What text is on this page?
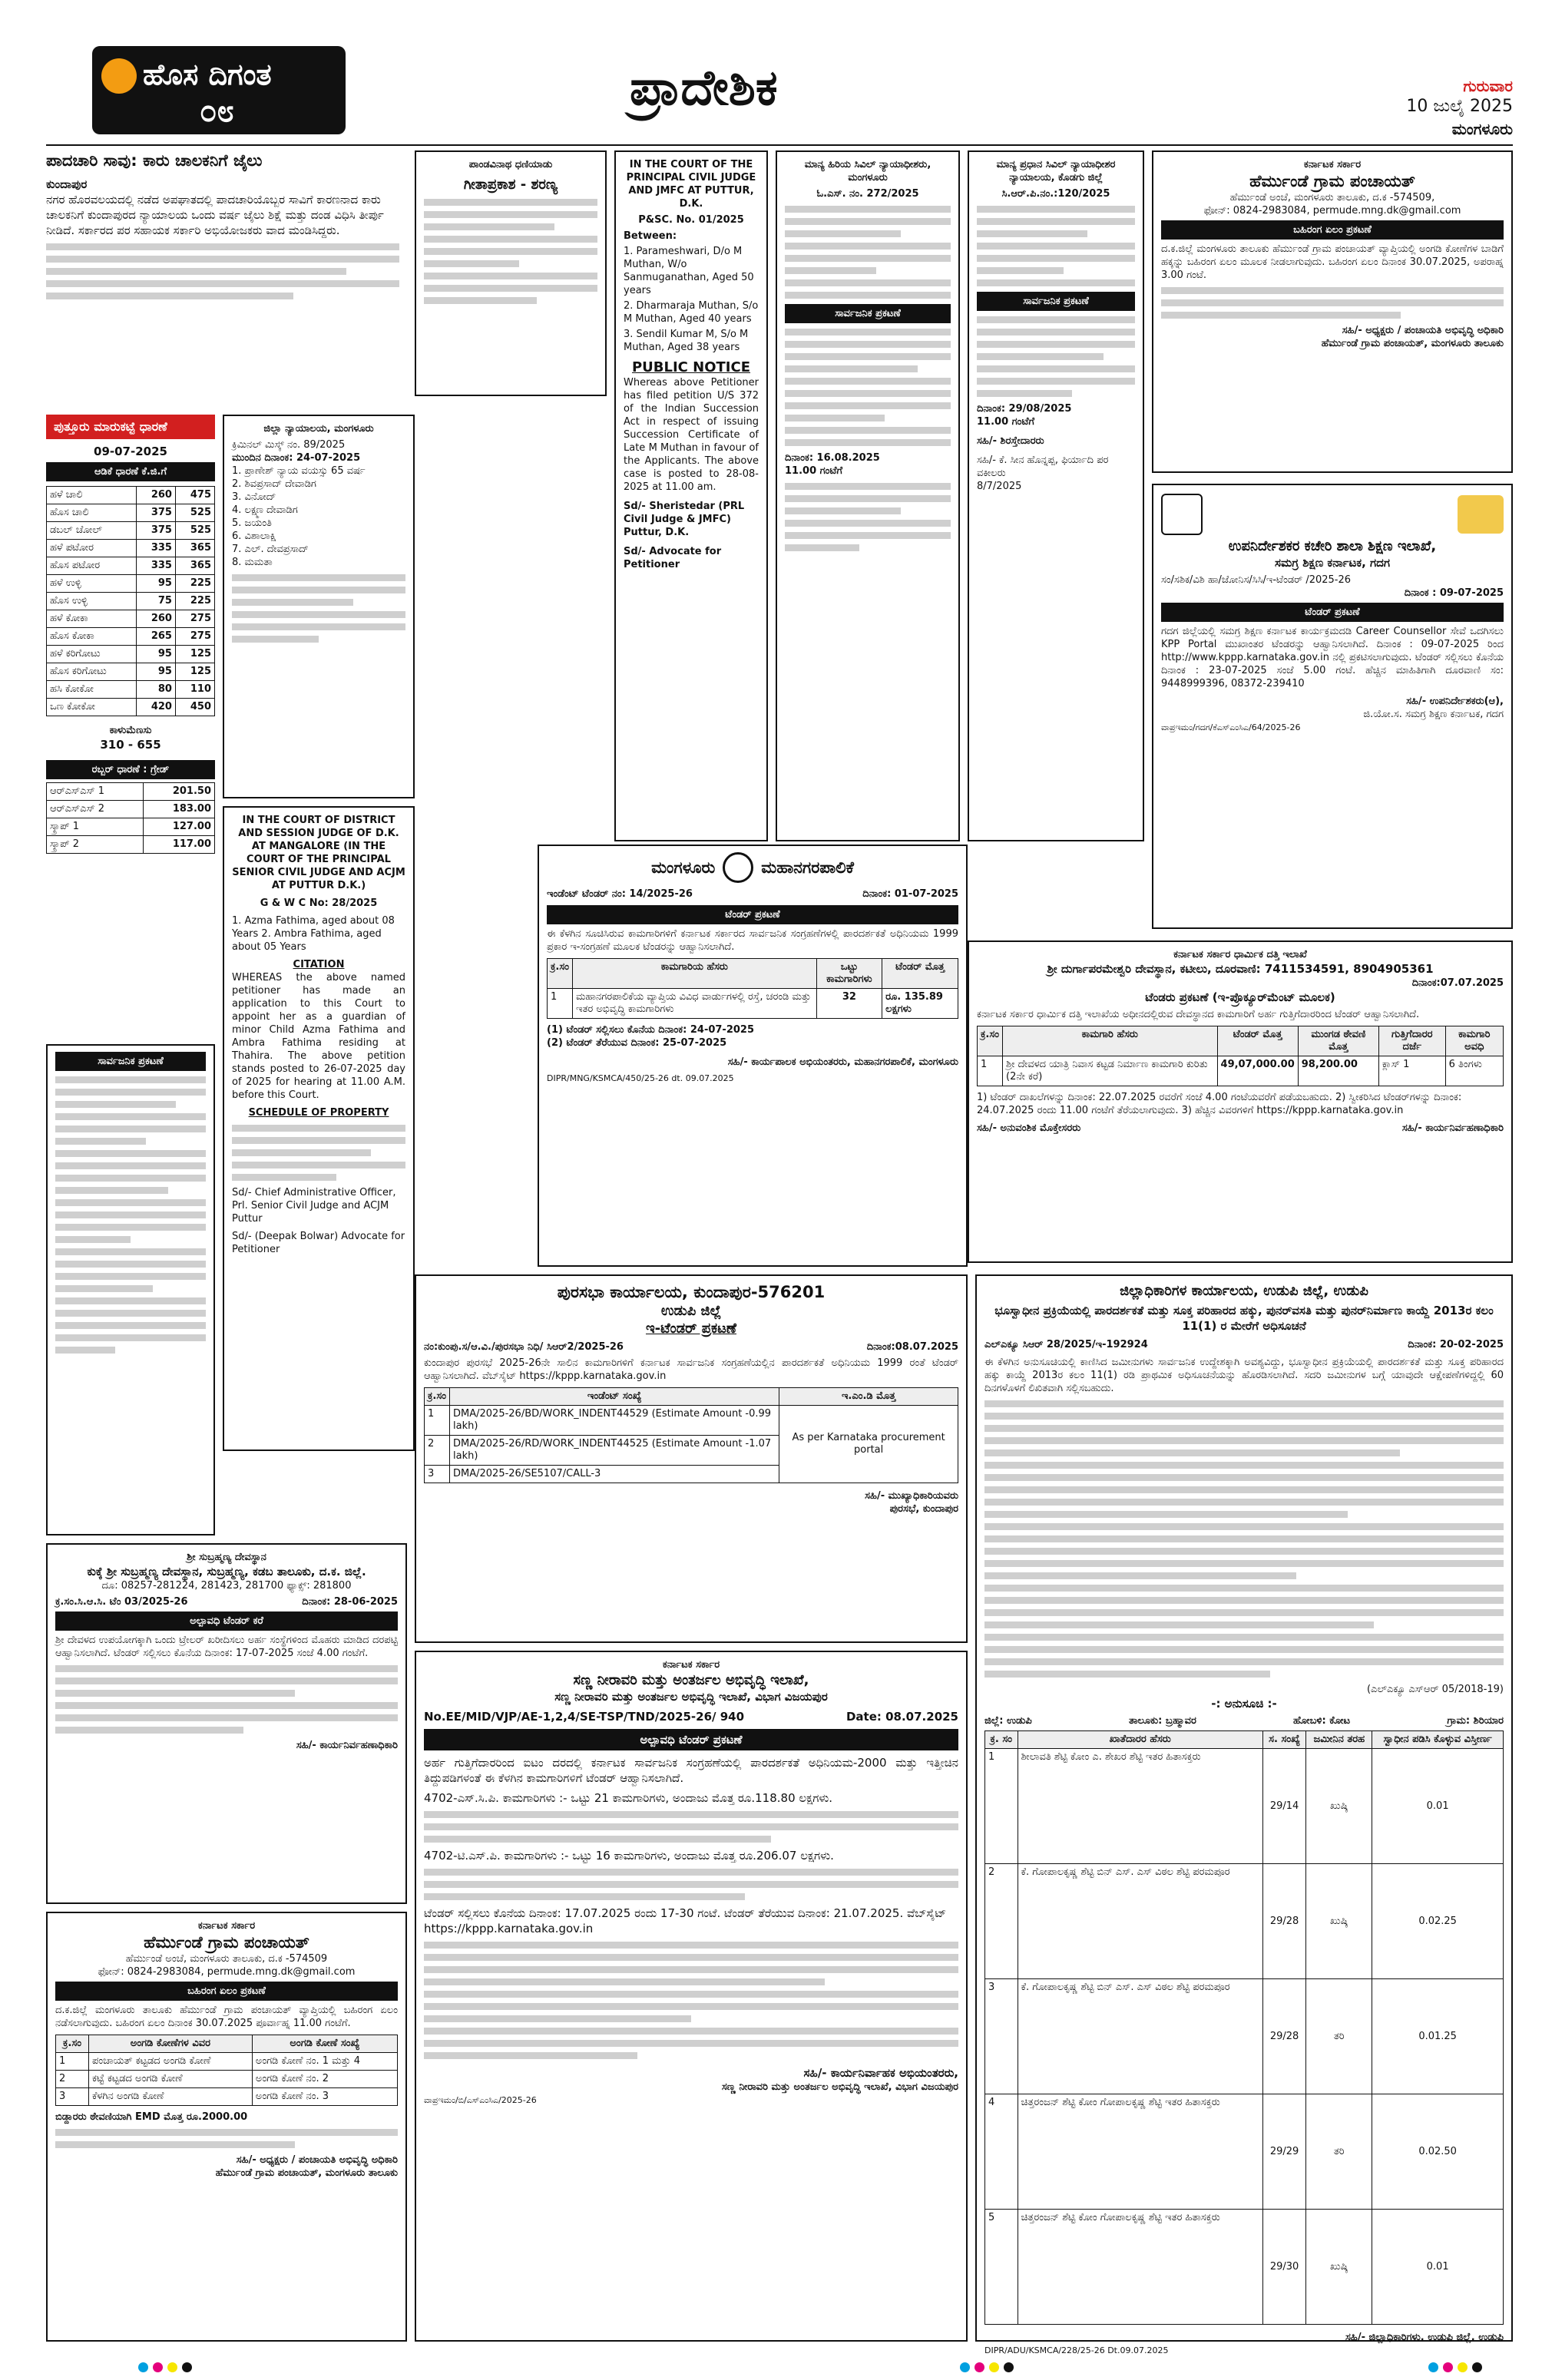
ಹೊಸ ದಿಗಂತ
೦೮	ಪ್ರಾದೇಶಿಕ	ಗುರುವಾರ
10 ಜುಲೈ 2025
ಮಂಗಳೂರು

ಪಾದಚಾರಿ ಸಾವು: ಕಾರು ಚಾಲಕನಿಗೆ ಜೈಲು

ಕುಂದಾಪುರ

ನಗರ ಹೊರವಲಯದಲ್ಲಿ ನಡೆದ ಅಪಘಾತದಲ್ಲಿ ಪಾದಚಾರಿಯೊಬ್ಬರ ಸಾವಿಗೆ ಕಾರಣನಾದ ಕಾರು ಚಾಲಕನಿಗೆ ಕುಂದಾಪುರದ ನ್ಯಾಯಾಲಯ ಒಂದು ವರ್ಷ ಜೈಲು ಶಿಕ್ಷೆ ಮತ್ತು ದಂಡ ವಿಧಿಸಿ ತೀರ್ಪು ನೀಡಿದೆ. ಸರ್ಕಾರದ ಪರ ಸಹಾಯಕ ಸರ್ಕಾರಿ ಅಭಿಯೋಜಕರು ವಾದ ಮಂಡಿಸಿದ್ದರು.

ಪುತ್ತೂರು ಮಾರುಕಟ್ಟೆ ಧಾರಣೆ
09-07-2025
ಆಡಿಕೆ ಧಾರಣೆ ಕೆ.ಜಿ.ಗೆ
ಹಳೆ ಚಾಲಿ	260	475
ಹೊಸ ಚಾಲಿ	375	525
ಡಬಲ್ ಚೋಲ್	375	525
ಹಳೆ ಪಟೋರ	335	365
ಹೊಸ ಪಟೋರ	335	365
ಹಳೆ ಉಳ್ಳಿ	95	225
ಹೊಸ ಉಳ್ಳಿ	75	225
ಹಳೆ ಕೋಕಾ	260	275
ಹೊಸ ಕೋಕಾ	265	275
ಹಳೆ ಕರಿಗೋಟು	95	125
ಹೊಸ ಕರಿಗೋಟು	95	125
ಹಸಿ ಕೋಕೋ	80	110
ಒಣ ಕೋಕೋ	420	450
ಕಾಳುಮೆಣಸು
310 - 655
ರಬ್ಬರ್ ಧಾರಣೆ : ಗ್ರೇಡ್
ಆರ್‌ಎಸ್‌ಎಸ್ 1	201.50
ಆರ್‌ಎಸ್‌ಎಸ್ 2	183.00
ಸ್ಕ್ರಾಪ್ 1	127.00
ಸ್ಕ್ರಾಪ್ 2	117.00
ಸಾರ್ವಜನಿಕ ಪ್ರಕಟಣೆ

ಜಿಲ್ಲಾ ನ್ಯಾಯಾಲಯ, ಮಂಗಳೂರು

ಕ್ರಿಮಿನಲ್ ಮಿಸ್ಕ್ ನಂ. 89/2025

ಮುಂದಿನ ದಿನಾಂಕ: 24-07-2025

1. ಪ್ರಾಣೇಶ್ ನ್ಯಾಯ ವಯಸ್ಸು 65 ವರ್ಷ

2. ಶಿವಪ್ರಸಾದ್ ದೇವಾಡಿಗ

3. ವಿನೋದ್

4. ಲಕ್ಷ್ಮಣ ದೇವಾಡಿಗ

5. ಜಯಂತಿ

6. ವಿಶಾಲಾಕ್ಷಿ

7. ಎಲ್. ದೇವಪ್ರಸಾದ್

8. ಮಮತಾ

IN THE COURT OF DISTRICT AND SESSION JUDGE OF D.K. AT MANGALORE (IN THE COURT OF THE PRINCIPAL SENIOR CIVIL JUDGE AND ACJM AT PUTTUR D.K.)

G & W C No: 28/2025

1. Azma Fathima, aged about 08 Years 2. Ambra Fathima, aged about 05 Years

CITATION

WHEREAS the above named petitioner has made an application to this Court to appoint her as a guardian of minor Child Azma Fathima and Ambra Fathima residing at Thahira. The above petition stands posted to 26-07-2025 day of 2025 for hearing at 11.00 A.M. before this Court.

SCHEDULE OF PROPERTY

Sd/- Chief Administrative Officer, Prl. Senior Civil Judge and ACJM Puttur

Sd/- (Deepak Bolwar) Advocate for Petitioner

ಪಾಂಡವಿನಾಥ ಧಣಿಯಾಡು

ಗೀತಾಪ್ರಕಾಶ - ಶರಣ್ಯ

IN THE COURT OF THE PRINCIPAL CIVIL JUDGE AND JMFC AT PUTTUR, D.K.

P&SC. No. 01/2025

Between:

1. Parameshwari, D/o M Muthan, W/o Sanmuganathan, Aged 50 years

2. Dharmaraja Muthan, S/o M Muthan, Aged 40 years

3. Sendil Kumar M, S/o M Muthan, Aged 38 years

PUBLIC NOTICE

Whereas above Petitioner has filed petition U/S 372 of the Indian Succession Act in respect of issuing Succession Certificate of Late M Muthan in favour of the Applicants. The above case is posted to 28-08-2025 at 11.00 am.

Sd/- Sheristedar (PRL Civil Judge & JMFC) Puttur, D.K.

Sd/- Advocate for Petitioner

ಮಾನ್ಯ ಹಿರಿಯ ಸಿವಿಲ್ ನ್ಯಾಯಾಧೀಶರು, ಮಂಗಳೂರು

ಓ.ಎಸ್. ನಂ. 272/2025

ಸಾರ್ವಜನಿಕ ಪ್ರಕಟಣೆ

ದಿನಾಂಕ: 16.08.2025

11.00 ಗಂಟೆಗೆ

ಮಾನ್ಯ ಪ್ರಧಾನ ಸಿವಿಲ್ ನ್ಯಾಯಾಧೀಶರ ನ್ಯಾಯಾಲಯ, ಕೊಡಗು ಜಿಲ್ಲೆ

ಸಿ.ಆರ್.ಪಿ.ನಂ.:120/2025

ಸಾರ್ವಜನಿಕ ಪ್ರಕಟಣೆ

ದಿನಾಂಕ: 29/08/2025

11.00 ಗಂಟೆಗೆ

ಸಹಿ/- ಶಿರಸ್ತೇದಾರರು

ಸಹಿ/- ಕೆ. ಸೀನ ಹೊನ್ನಪ್ಪ, ಫಿರ್ಯಾದಿ ಪರ ವಕೀಲರು

8/7/2025

ಮಂಗಳೂರು	ಮಹಾನಗರಪಾಲಿಕೆ
ಇಂಡೆಂಟ್ ಟೆಂಡರ್ ನಂ: 14/2025-26	ದಿನಾಂಕ: 01-07-2025
ಟೆಂಡರ್ ಪ್ರಕಟಣೆ

ಈ ಕೆಳಗಿನ ಸೂಚಿಸಿರುವ ಕಾಮಗಾರಿಗಳಿಗೆ ಕರ್ನಾಟಕ ಸರ್ಕಾರದ ಸಾರ್ವಜನಿಕ ಸಂಗ್ರಹಣೆಗಳಲ್ಲಿ ಪಾರದರ್ಶಕತೆ ಅಧಿನಿಯಮ 1999 ಪ್ರಕಾರ ಇ-ಸಂಗ್ರಹಣೆ ಮೂಲಕ ಟೆಂಡರನ್ನು ಆಹ್ವಾನಿಸಲಾಗಿದೆ.

ಕ್ರ.ಸಂ	ಕಾಮಗಾರಿಯ ಹೆಸರು	ಒಟ್ಟು ಕಾಮಗಾರಿಗಳು	ಟೆಂಡರ್ ಮೊತ್ತ
1	ಮಹಾನಗರಪಾಲಿಕೆಯ ವ್ಯಾಪ್ತಿಯ ವಿವಿಧ ವಾರ್ಡುಗಳಲ್ಲಿ ರಸ್ತೆ, ಚರಂಡಿ ಮತ್ತು ಇತರ ಅಭಿವೃದ್ಧಿ ಕಾಮಗಾರಿಗಳು	32	ರೂ. 135.89 ಲಕ್ಷಗಳು

(1) ಟೆಂಡರ್ ಸಲ್ಲಿಸಲು ಕೊನೆಯ ದಿನಾಂಕ: 24-07-2025

(2) ಟೆಂಡರ್ ತೆರೆಯುವ ದಿನಾಂಕ: 25-07-2025

ಸಹಿ/- ಕಾರ್ಯಪಾಲಕ ಅಭಿಯಂತರರು, ಮಹಾನಗರಪಾಲಿಕೆ, ಮಂಗಳೂರು

DIPR/MNG/KSMCA/450/25-26 dt. 09.07.2025

ಪುರಸಭಾ ಕಾರ್ಯಾಲಯ, ಕುಂದಾಪುರ-576201

ಉಡುಪಿ ಜಿಲ್ಲೆ

ಇ-ಟೆಂಡರ್ ಪ್ರಕಟಣೆ

ನಂ:ಕುಂಪು.ಸ/ಆ.ವಿ./ಪುರಸಭಾ ನಿಧಿ/ ಸಿಆರ್2/2025-26	ದಿನಾಂಕ:08.07.2025

ಕುಂದಾಪುರ ಪುರಸಭೆ 2025-26ನೇ ಸಾಲಿನ ಕಾಮಗಾರಿಗಳಿಗೆ ಕರ್ನಾಟಕ ಸಾರ್ವಜನಿಕ ಸಂಗ್ರಹಣೆಯಲ್ಲಿನ ಪಾರದರ್ಶಕತೆ ಅಧಿನಿಯಮ 1999 ರಂತೆ ಟೆಂಡರ್ ಆಹ್ವಾನಿಸಲಾಗಿದೆ. ವೆಬ್‌ಸೈಟ್ https://kppp.karnataka.gov.in

ಕ್ರ.ಸಂ	ಇಂಡೆಂಟ್ ಸಂಖ್ಯೆ	ಇ.ಎಂ.ಡಿ ಮೊತ್ತ
1	DMA/2025-26/BD/WORK_INDENT44529 (Estimate Amount -0.99 lakh)	As per Karnataka procurement portal
2	DMA/2025-26/RD/WORK_INDENT44525 (Estimate Amount -1.07 lakh)	
3	DMA/2025-26/SE5107/CALL-3	

ಸಹಿ/- ಮುಖ್ಯಾಧಿಕಾರಿಯವರು

ಪುರಸಭೆ, ಕುಂದಾಪುರ

ಶ್ರೀ ಸುಬ್ರಹ್ಮಣ್ಯ ದೇವಸ್ಥಾನ

ಕುಕ್ಕೆ ಶ್ರೀ ಸುಬ್ರಹ್ಮಣ್ಯ ದೇವಸ್ಥಾನ, ಸುಬ್ರಹ್ಮಣ್ಯ, ಕಡಬ ತಾಲೂಕು, ದ.ಕ. ಜಿಲ್ಲೆ.

ದೂ: 08257-281224, 281423, 281700 ಫ್ಯಾಕ್ಸ್: 281800

ಕ್ರ.ಸಂ.ಸಿ.ಆ.ಸಿ. ಟೆಂ 03/2025-26	ದಿನಾಂಕ: 28-06-2025
ಅಲ್ಪಾವಧಿ ಟೆಂಡರ್ ಕರೆ

ಶ್ರೀ ದೇವಳದ ಉಪಯೋಗಕ್ಕಾಗಿ ಒಂದು ಟ್ರೇಲರ್ ಖರೀದಿಸಲು ಅರ್ಹ ಸಂಸ್ಥೆಗಳಿಂದ ಮೊಹರು ಮಾಡಿದ ದರಪಟ್ಟಿ ಆಹ್ವಾನಿಸಲಾಗಿದೆ. ಟೆಂಡರ್ ಸಲ್ಲಿಸಲು ಕೊನೆಯ ದಿನಾಂಕ: 17-07-2025 ಸಂಜೆ 4.00 ಗಂಟೆಗೆ.

ಸಹಿ/- ಕಾರ್ಯನಿರ್ವಹಣಾಧಿಕಾರಿ

ಕರ್ನಾಟಕ ಸರ್ಕಾರ

ಹೆರ್ಮುಂಡೆ ಗ್ರಾಮ ಪಂಚಾಯತ್

ಹೆರ್ಮುಂಡೆ ಅಂಚೆ, ಮಂಗಳೂರು ತಾಲೂಕು, ದ.ಕ -574509

ಫೋನ್: 0824-2983084, permude.mng.dk@gmail.com

ಬಹಿರಂಗ ಏಲಂ ಪ್ರಕಟಣೆ

ದ.ಕ.ಜಿಲ್ಲೆ ಮಂಗಳೂರು ತಾಲೂಕು ಹೆರ್ಮುಂಡೆ ಗ್ರಾಮ ಪಂಚಾಯತ್ ವ್ಯಾಪ್ತಿಯಲ್ಲಿ ಬಹಿರಂಗ ಏಲಂ ನಡೆಸಲಾಗುವುದು. ಬಹಿರಂಗ ಏಲಂ ದಿನಾಂಕ 30.07.2025 ಪೂರ್ವಾಹ್ನ 11.00 ಗಂಟೆಗೆ.

ಕ್ರ.ಸಂ	ಅಂಗಡಿ ಕೋಣೆಗಳ ವಿವರ	ಅಂಗಡಿ ಕೋಣೆ ಸಂಖ್ಯೆ
1	ಪಂಚಾಯತ್ ಕಟ್ಟಡದ ಅಂಗಡಿ ಕೋಣೆ	ಅಂಗಡಿ ಕೋಣೆ ನಂ. 1 ಮತ್ತು 4
2	ಕಟ್ಟೆ ಕಟ್ಟಡದ ಅಂಗಡಿ ಕೋಣೆ	ಅಂಗಡಿ ಕೋಣೆ ನಂ. 2
3	ಕೆಳಗಿನ ಅಂಗಡಿ ಕೋಣೆ	ಅಂಗಡಿ ಕೋಣೆ ನಂ. 3

ಬಿಡ್ದಾರರು ಠೇವಣಿಯಾಗಿ EMD ಮೊತ್ತ ರೂ.2000.00

ಸಹಿ/- ಅಧ್ಯಕ್ಷರು / ಪಂಚಾಯತಿ ಅಭಿವೃದ್ಧಿ ಅಧಿಕಾರಿ

ಹೆರ್ಮುಂಡೆ ಗ್ರಾಮ ಪಂಚಾಯತ್, ಮಂಗಳೂರು ತಾಲೂಕು

ಕರ್ನಾಟಕ ಸರ್ಕಾರ

ಸಣ್ಣ ನೀರಾವರಿ ಮತ್ತು ಅಂತರ್ಜಲ ಅಭಿವೃದ್ಧಿ ಇಲಾಖೆ,

ಸಣ್ಣ ನೀರಾವರಿ ಮತ್ತು ಅಂತರ್ಜಲ ಅಭಿವೃದ್ಧಿ ಇಲಾಖೆ, ವಿಭಾಗ ವಿಜಯಪುರ

No.EE/MID/VJP/AE-1,2,4/SE-TSP/TND/2025-26/ 940	Date: 08.07.2025
ಅಲ್ಪಾವಧಿ ಟೆಂಡರ್ ಪ್ರಕಟಣೆ

ಅರ್ಹ ಗುತ್ತಿಗೆದಾರರಿಂದ ಐಟಂ ದರದಲ್ಲಿ ಕರ್ನಾಟಕ ಸಾರ್ವಜನಿಕ ಸಂಗ್ರಹಣೆಯಲ್ಲಿ ಪಾರದರ್ಶಕತೆ ಅಧಿನಿಯಮ-2000 ಮತ್ತು ಇತ್ತೀಚಿನ ತಿದ್ದುಪಡಿಗಳಂತೆ ಈ ಕೆಳಗಿನ ಕಾಮಗಾರಿಗಳಿಗೆ ಟೆಂಡರ್ ಆಹ್ವಾನಿಸಲಾಗಿದೆ.

4702-ಎಸ್.ಸಿ.ಪಿ. ಕಾಮಗಾರಿಗಳು :- ಒಟ್ಟು 21 ಕಾಮಗಾರಿಗಳು, ಅಂದಾಜು ಮೊತ್ತ ರೂ.118.80 ಲಕ್ಷಗಳು.

4702-ಟಿ.ಎಸ್.ಪಿ. ಕಾಮಗಾರಿಗಳು :- ಒಟ್ಟು 16 ಕಾಮಗಾರಿಗಳು, ಅಂದಾಜು ಮೊತ್ತ ರೂ.206.07 ಲಕ್ಷಗಳು.

ಟೆಂಡರ್ ಸಲ್ಲಿಸಲು ಕೊನೆಯ ದಿನಾಂಕ: 17.07.2025 ರಂದು 17-30 ಗಂಟೆ. ಟೆಂಡರ್ ತೆರೆಯುವ ದಿನಾಂಕ: 21.07.2025. ವೆಬ್‌ಸೈಟ್ https://kppp.karnataka.gov.in

ಸಹಿ/- ಕಾರ್ಯನಿರ್ವಾಹಕ ಅಭಿಯಂತರರು,

ಸಣ್ಣ ನೀರಾವರಿ ಮತ್ತು ಅಂತರ್ಜಲ ಅಭಿವೃದ್ಧಿ ಇಲಾಖೆ, ವಿಭಾಗ ವಿಜಯಪುರ

ವಾಪ್ರಇಮಂ/ಬಿ/ಎಸ್‌ಎಂಸಿಎ/2025-26

ಕರ್ನಾಟಕ ಸರ್ಕಾರ

ಹೆರ್ಮುಂಡೆ ಗ್ರಾಮ ಪಂಚಾಯತ್

ಹೆರ್ಮುಂಡೆ ಅಂಚೆ, ಮಂಗಳೂರು ತಾಲೂಕು, ದ.ಕ -574509,

ಫೋನ್: 0824-2983084, permude.mng.dk@gmail.com

ಬಹಿರಂಗ ಏಲಂ ಪ್ರಕಟಣೆ

ದ.ಕ.ಜಿಲ್ಲೆ ಮಂಗಳೂರು ತಾಲೂಕು ಹೆರ್ಮುಂಡೆ ಗ್ರಾಮ ಪಂಚಾಯತ್ ವ್ಯಾಪ್ತಿಯಲ್ಲಿ ಅಂಗಡಿ ಕೋಣೆಗಳ ಬಾಡಿಗೆ ಹಕ್ಕನ್ನು ಬಹಿರಂಗ ಏಲಂ ಮೂಲಕ ನೀಡಲಾಗುವುದು. ಬಹಿರಂಗ ಏಲಂ ದಿನಾಂಕ 30.07.2025, ಅಪರಾಹ್ನ 3.00 ಗಂಟೆ.

ಸಹಿ/- ಅಧ್ಯಕ್ಷರು / ಪಂಚಾಯತಿ ಅಭಿವೃದ್ಧಿ ಅಧಿಕಾರಿ

ಹೆರ್ಮುಂಡೆ ಗ್ರಾಮ ಪಂಚಾಯತ್, ಮಂಗಳೂರು ತಾಲೂಕು

ಉಪನಿರ್ದೇಶಕರ ಕಚೇರಿ ಶಾಲಾ ಶಿಕ್ಷಣ ಇಲಾಖೆ,

ಸಮಗ್ರ ಶಿಕ್ಷಣ ಕರ್ನಾಟಕ, ಗದಗ

ಸಂ/ಸಶಿಕ/ವಿಶಿ ಹಾ/ಜೋನಿಸ/ಸಿಸಿ/ಇ-ಟೆಂಡರ್ /2025-26

ದಿನಾಂಕ : 09-07-2025

ಟೆಂಡರ್ ಪ್ರಕಟಣೆ

ಗದಗ ಜಿಲ್ಲೆಯಲ್ಲಿ ಸಮಗ್ರ ಶಿಕ್ಷಣ ಕರ್ನಾಟಕ ಕಾರ್ಯಕ್ರಮದಡಿ Career Counsellor ಸೇವೆ ಒದಗಿಸಲು KPP Portal ಮುಖಾಂತರ ಟೆಂಡರನ್ನು ಆಹ್ವಾನಿಸಲಾಗಿದೆ. ದಿನಾಂಕ : 09-07-2025 ರಿಂದ http://www.kppp.karnataka.gov.in ನಲ್ಲಿ ಪ್ರಕಟಿಸಲಾಗುವುದು. ಟೆಂಡರ್ ಸಲ್ಲಿಸಲು ಕೊನೆಯ ದಿನಾಂಕ : 23-07-2025 ಸಂಜೆ 5.00 ಗಂಟೆ. ಹೆಚ್ಚಿನ ಮಾಹಿತಿಗಾಗಿ ದೂರವಾಣಿ ಸಂ: 9448999396, 08372-239410

ಸಹಿ/- ಉಪನಿರ್ದೇಶಕರು(ಆ),

ಜಿ.ಯೋ.ಸ. ಸಮಗ್ರ ಶಿಕ್ಷಣ ಕರ್ನಾಟಕ, ಗದಗ

ವಾಪ್ರಇಮಂ/ಗದಗ/ಕೆಎಸ್‌ಎಂಸಿಎ/64/2025-26

ಕರ್ನಾಟಕ ಸರ್ಕಾರ ಧಾರ್ಮಿಕ ದತ್ತಿ ಇಲಾಖೆ

ಶ್ರೀ ದುರ್ಗಾಪರಮೇಶ್ವರಿ ದೇವಸ್ಥಾನ, ಕಟೀಲು, ದೂರವಾಣಿ: 7411534591, 8904905361

ದಿನಾಂಕ:07.07.2025

ಟೆಂಡರು ಪ್ರಕಟಣೆ (ಇ-ಪ್ರೊಕ್ಯೂರ್‌ಮೆಂಟ್ ಮೂಲಕ)

ಕರ್ನಾಟಕ ಸರ್ಕಾರ ಧಾರ್ಮಿಕ ದತ್ತಿ ಇಲಾಖೆಯ ಅಧೀನದಲ್ಲಿರುವ ದೇವಸ್ಥಾನದ ಕಾಮಗಾರಿಗೆ ಅರ್ಹ ಗುತ್ತಿಗೆದಾರರಿಂದ ಟೆಂಡರ್ ಆಹ್ವಾನಿಸಲಾಗಿದೆ.

ಕ್ರ.ಸಂ	ಕಾಮಗಾರಿ ಹೆಸರು	ಟೆಂಡರ್ ಮೊತ್ತ	ಮುಂಗಡ ಠೇವಣಿ ಮೊತ್ತ	ಗುತ್ತಿಗೆದಾರರ ದರ್ಜೆ	ಕಾಮಗಾರಿ ಅವಧಿ
1	ಶ್ರೀ ದೇವಳದ ಯಾತ್ರಿ ನಿವಾಸ ಕಟ್ಟಡ ನಿರ್ಮಾಣ ಕಾಮಗಾರಿ ಕುರಿತು (2ನೇ ಕರೆ)	49,07,000.00	98,200.00	ಕ್ಲಾಸ್ 1	6 ತಿಂಗಳು

1) ಟೆಂಡರ್ ದಾಖಲೆಗಳನ್ನು ದಿನಾಂಕ: 22.07.2025 ರವರೆಗೆ ಸಂಜೆ 4.00 ಗಂಟೆಯವರೆಗೆ ಪಡೆಯಬಹುದು. 2) ಸ್ವೀಕರಿಸಿದ ಟೆಂಡರ್‌ಗಳನ್ನು ದಿನಾಂಕ: 24.07.2025 ರಂದು 11.00 ಗಂಟೆಗೆ ತೆರೆಯಲಾಗುವುದು. 3) ಹೆಚ್ಚಿನ ವಿವರಗಳಿಗೆ https://kppp.karnataka.gov.in

ಸಹಿ/- ಅನುವಂಶಿಕ ಮೊಕ್ತೇಸರರು	ಸಹಿ/- ಕಾರ್ಯನಿರ್ವಹಣಾಧಿಕಾರಿ

ಜಿಲ್ಲಾಧಿಕಾರಿಗಳ ಕಾರ್ಯಾಲಯ, ಉಡುಪಿ ಜಿಲ್ಲೆ, ಉಡುಪಿ

ಭೂಸ್ವಾಧೀನ ಪ್ರಕ್ರಿಯೆಯಲ್ಲಿ ಪಾರದರ್ಶಕತೆ ಮತ್ತು ಸೂಕ್ತ ಪರಿಹಾರದ ಹಕ್ಕು, ಪುನರ್‌ವಸತಿ ಮತ್ತು ಪುನರ್‌ನಿರ್ಮಾಣ ಕಾಯ್ದೆ 2013ರ ಕಲಂ 11(1) ರ ಮೇರೆಗೆ ಅಧಿಸೂಚನೆ

ಎಲ್‌ಎಕ್ಯೂ ಸಿಆರ್ 28/2025/ಇ-192924	ದಿನಾಂಕ: 20-02-2025

ಈ ಕೆಳಗಿನ ಅನುಸೂಚಿಯಲ್ಲಿ ಕಾಣಿಸಿದ ಜಮೀನುಗಳು ಸಾರ್ವಜನಿಕ ಉದ್ದೇಶಕ್ಕಾಗಿ ಅವಶ್ಯವಿದ್ದು, ಭೂಸ್ವಾಧೀನ ಪ್ರಕ್ರಿಯೆಯಲ್ಲಿ ಪಾರದರ್ಶಕತೆ ಮತ್ತು ಸೂಕ್ತ ಪರಿಹಾರದ ಹಕ್ಕು ಕಾಯ್ದೆ 2013ರ ಕಲಂ 11(1) ರಡಿ ಪ್ರಾಥಮಿಕ ಅಧಿಸೂಚನೆಯನ್ನು ಹೊರಡಿಸಲಾಗಿದೆ. ಸದರಿ ಜಮೀನುಗಳ ಬಗ್ಗೆ ಯಾವುದೇ ಆಕ್ಷೇಪಣೆಗಳಿದ್ದಲ್ಲಿ 60 ದಿನಗಳೊಳಗೆ ಲಿಖಿತವಾಗಿ ಸಲ್ಲಿಸಬಹುದು.

(ಎಲ್‌ಎಕ್ಯೂ ಎಸ್‌ಆರ್ 05/2018-19)

-: ಅನುಸೂಚಿ :-

ಜಿಲ್ಲೆ: ಉಡುಪಿ	ತಾಲೂಕು: ಬ್ರಹ್ಮಾವರ	ಹೋಬಳಿ: ಕೋಟ	ಗ್ರಾಮ: ಶಿರಿಯಾರ
ಕ್ರ. ಸಂ	ಖಾತೆದಾರರ ಹೆಸರು	ಸ. ಸಂಖ್ಯೆ	ಜಮೀನಿನ ತರಹ	ಸ್ವಾಧೀನ ಪಡಿಸಿ ಕೊಳ್ಳುವ ವಿಸ್ತೀರ್ಣ
1	ಶೀಲಾವತಿ ಶೆಟ್ಟಿ ಕೋಂ ಎ. ಶೇಖರ ಶೆಟ್ಟಿ ಇತರ ಹಿತಾಸಕ್ತರು	29/14	ಖುಷ್ಕಿ	0.01
2	ಕೆ. ಗೋಪಾಲಕೃಷ್ಣ ಶೆಟ್ಟಿ ಬಿನ್ ಎಸ್. ಎಸ್ ವಿಠಲ ಶೆಟ್ಟಿ ಪರಮಪೂರ	29/28	ಖುಷ್ಕಿ	0.02.25
3	ಕೆ. ಗೋಪಾಲಕೃಷ್ಣ ಶೆಟ್ಟಿ ಬಿನ್ ಎಸ್. ಎಸ್ ವಿಠಲ ಶೆಟ್ಟಿ ಪರಮಪೂರ	29/28	ತರಿ	0.01.25
4	ಚಿತ್ತರಂಜನ್ ಶೆಟ್ಟಿ ಕೋಂ ಗೋಪಾಲಕೃಷ್ಣ ಶೆಟ್ಟಿ ಇತರ ಹಿತಾಸಕ್ತರು	29/29	ತರಿ	0.02.50
5	ಚಿತ್ತರಂಜನ್ ಶೆಟ್ಟಿ ಕೋಂ ಗೋಪಾಲಕೃಷ್ಣ ಶೆಟ್ಟಿ ಇತರ ಹಿತಾಸಕ್ತರು	29/30	ಖುಷ್ಕಿ	0.01

ಸಹಿ/- ಜಿಲ್ಲಾಧಿಕಾರಿಗಳು, ಉಡುಪಿ ಜಿಲ್ಲೆ, ಉಡುಪಿ

DIPR/ADU/KSMCA/228/25-26 Dt.09.07.2025
